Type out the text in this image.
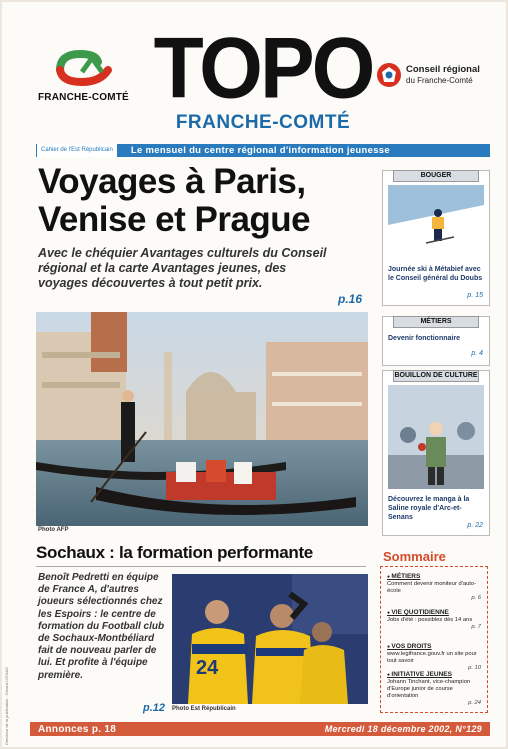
Directeur de la publication : Gérard LIGNAC
FRANCHE-COMTÉ TOPO
FRANCHE-COMTÉ
Conseil régional
du Franche-Comté
Cahier de l'Est Républicain	Le mensuel du centre régional d'information jeunesse
Voyages à Paris, Venise et Prague
Avec le chéquier Avantages culturels du Conseil régional et la carte Avantages jeunes, des voyages découvertes à tout petit prix.
p.16
Photo AFP
BOUGER
Journée ski à Métabief avec le Conseil général du Doubs
p. 15
MÉTIERS
Devenir fonctionnaire
p. 4
BOUILLON DE CULTURE
Découvrez le manga à la Saline royale d'Arc-et-Senans
p. 22
Sochaux : la formation performante
Benoît Pedretti en équipe de France A, d'autres joueurs sélectionnés chez les Espoirs : le centre de formation du Football club de Sochaux-Montbéliard fait de nouveau parler de lui. Et profite à l'équipe première.
p.12
24
Photo Est Républicain
Sommaire
● MÉTIERS
Comment devenir moniteur d'auto-école
p. 6
● VIE QUOTIDIENNE
Jobs d'été : possibles dès 14 ans
p. 7
● VOS DROITS
www.legifrance.gouv.fr un site pour tout savoir
p. 10
● INITIATIVE JEUNES
Johann Tinchant, vice-champion d'Europe junior de course d'orientation
p. 24
Annonces p. 18	Mercredi 18 décembre 2002, N°129
